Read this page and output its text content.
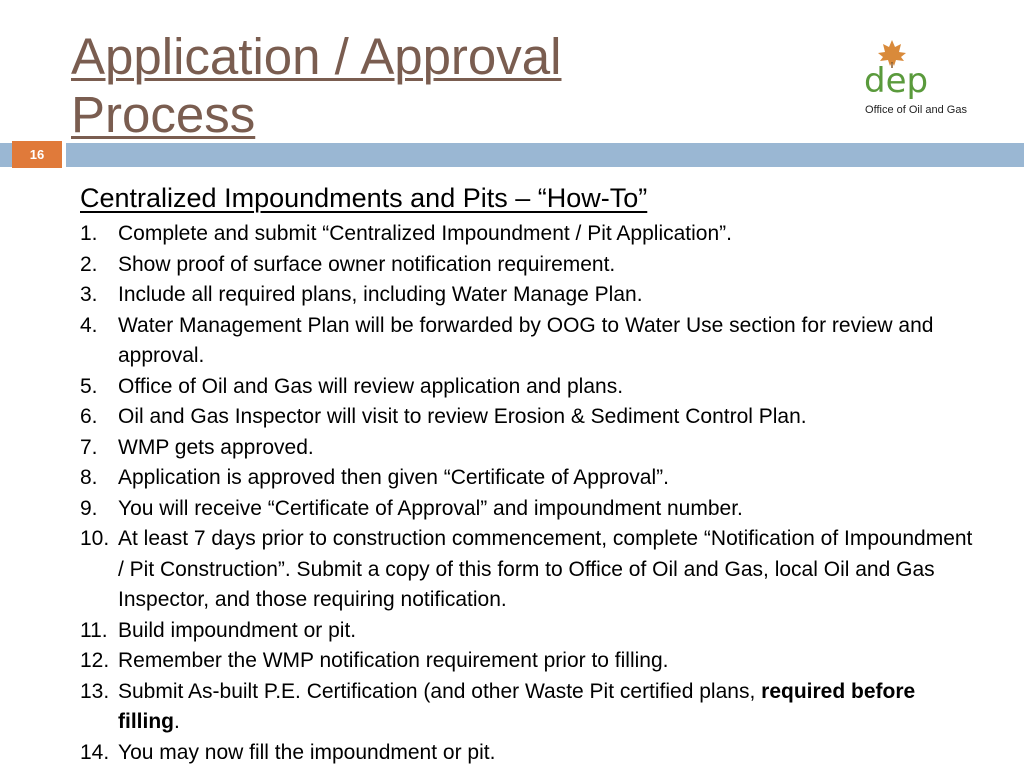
Application / Approval
Process
dep
Office of Oil and Gas
16
Centralized Impoundments and Pits – “How-To”
1. Complete and submit “Centralized Impoundment / Pit Application”.
2. Show proof of surface owner notification requirement.
3. Include all required plans, including Water Manage Plan.
4. Water Management Plan will be forwarded by OOG to Water Use section for review and approval.
5. Office of Oil and Gas will review application and plans.
6. Oil and Gas Inspector will visit to review Erosion & Sediment Control Plan.
7. WMP gets approved.
8. Application is approved then given “Certificate of Approval”.
9. You will receive “Certificate of Approval” and impoundment number.
10. At least 7 days prior to construction commencement, complete “Notification of Impoundment / Pit Construction”. Submit a copy of this form to Office of Oil and Gas, local Oil and Gas Inspector, and those requiring notification.
11. Build impoundment or pit.
12. Remember the WMP notification requirement prior to filling.
13. Submit As-built P.E. Certification (and other Waste Pit certified plans, required before filling.
14. You may now fill the impoundment or pit.
